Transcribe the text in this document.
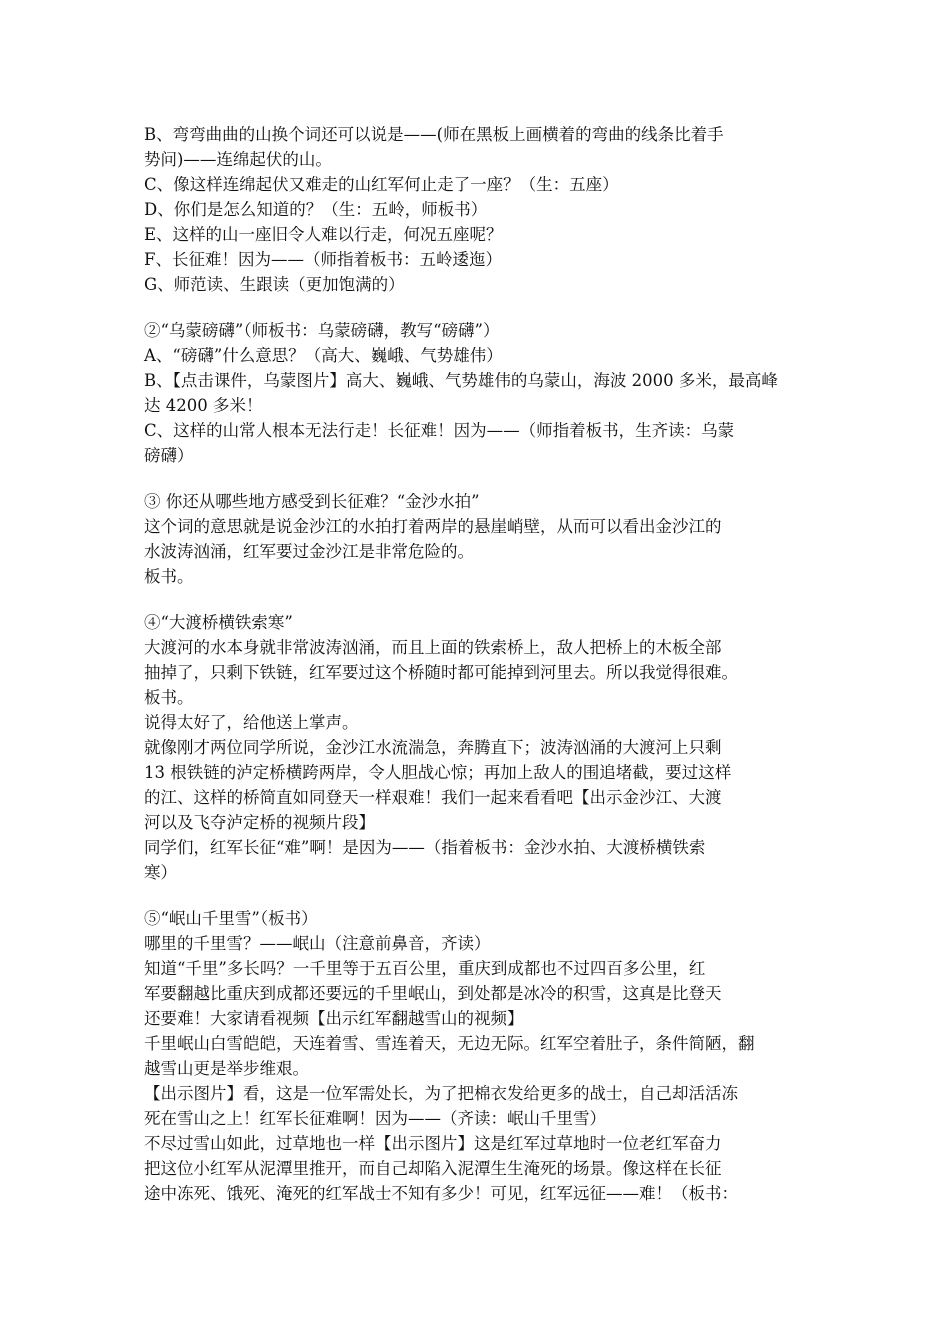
B、弯弯曲曲的山换个词还可以说是——(师在黑板上画横着的弯曲的线条比着手
势问)——连绵起伏的山。
C、像这样连绵起伏又难走的山红军何止走了一座？（生：五座）
D、你们是怎么知道的？（生：五岭，师板书）
E、这样的山一座旧令人难以行走，何况五座呢？
F、长征难！因为——（师指着板书：五岭逶迤）
G、师范读、生跟读（更加饱满的）
②“乌蒙磅礴”（师板书：乌蒙磅礴，教写“磅礴”）
A、“磅礴”什么意思？（高大、巍峨、气势雄伟）
B、【点击课件，乌蒙图片】高大、巍峨、气势雄伟的乌蒙山，海波 2000 多米，最高峰
达 4200 多米！
C、这样的山常人根本无法行走！长征难！因为——（师指着板书，生齐读：乌蒙
磅礴）
③ 你还从哪些地方感受到长征难？“金沙水拍”
这个词的意思就是说金沙江的水拍打着两岸的悬崖峭壁，从而可以看出金沙江的
水波涛汹涌，红军要过金沙江是非常危险的。
板书。
④“大渡桥横铁索寒”
大渡河的水本身就非常波涛汹涌，而且上面的铁索桥上，敌人把桥上的木板全部
抽掉了，只剩下铁链，红军要过这个桥随时都可能掉到河里去。所以我觉得很难。
板书。
说得太好了，给他送上掌声。
就像刚才两位同学所说，金沙江水流湍急，奔腾直下；波涛汹涌的大渡河上只剩
13 根铁链的泸定桥横跨两岸，令人胆战心惊；再加上敌人的围追堵截，要过这样
的江、这样的桥简直如同登天一样艰难！我们一起来看看吧【出示金沙江、大渡
河以及飞夺泸定桥的视频片段】
同学们，红军长征“难”啊！是因为——（指着板书：金沙水拍、大渡桥横铁索
寒）
⑤“岷山千里雪”（板书）
哪里的千里雪？——岷山（注意前鼻音，齐读）
知道“千里”多长吗？一千里等于五百公里，重庆到成都也不过四百多公里，红
军要翻越比重庆到成都还要远的千里岷山，到处都是冰冷的积雪，这真是比登天
还要难！大家请看视频【出示红军翻越雪山的视频】
千里岷山白雪皑皑，天连着雪、雪连着天，无边无际。红军空着肚子，条件简陋，翻
越雪山更是举步维艰。
【出示图片】看，这是一位军需处长，为了把棉衣发给更多的战士，自己却活活冻
死在雪山之上！红军长征难啊！因为——（齐读：岷山千里雪）
不尽过雪山如此，过草地也一样【出示图片】这是红军过草地时一位老红军奋力
把这位小红军从泥潭里推开，而自己却陷入泥潭生生淹死的场景。像这样在长征
途中冻死、饿死、淹死的红军战士不知有多少！可见，红军远征——难！（板书：
